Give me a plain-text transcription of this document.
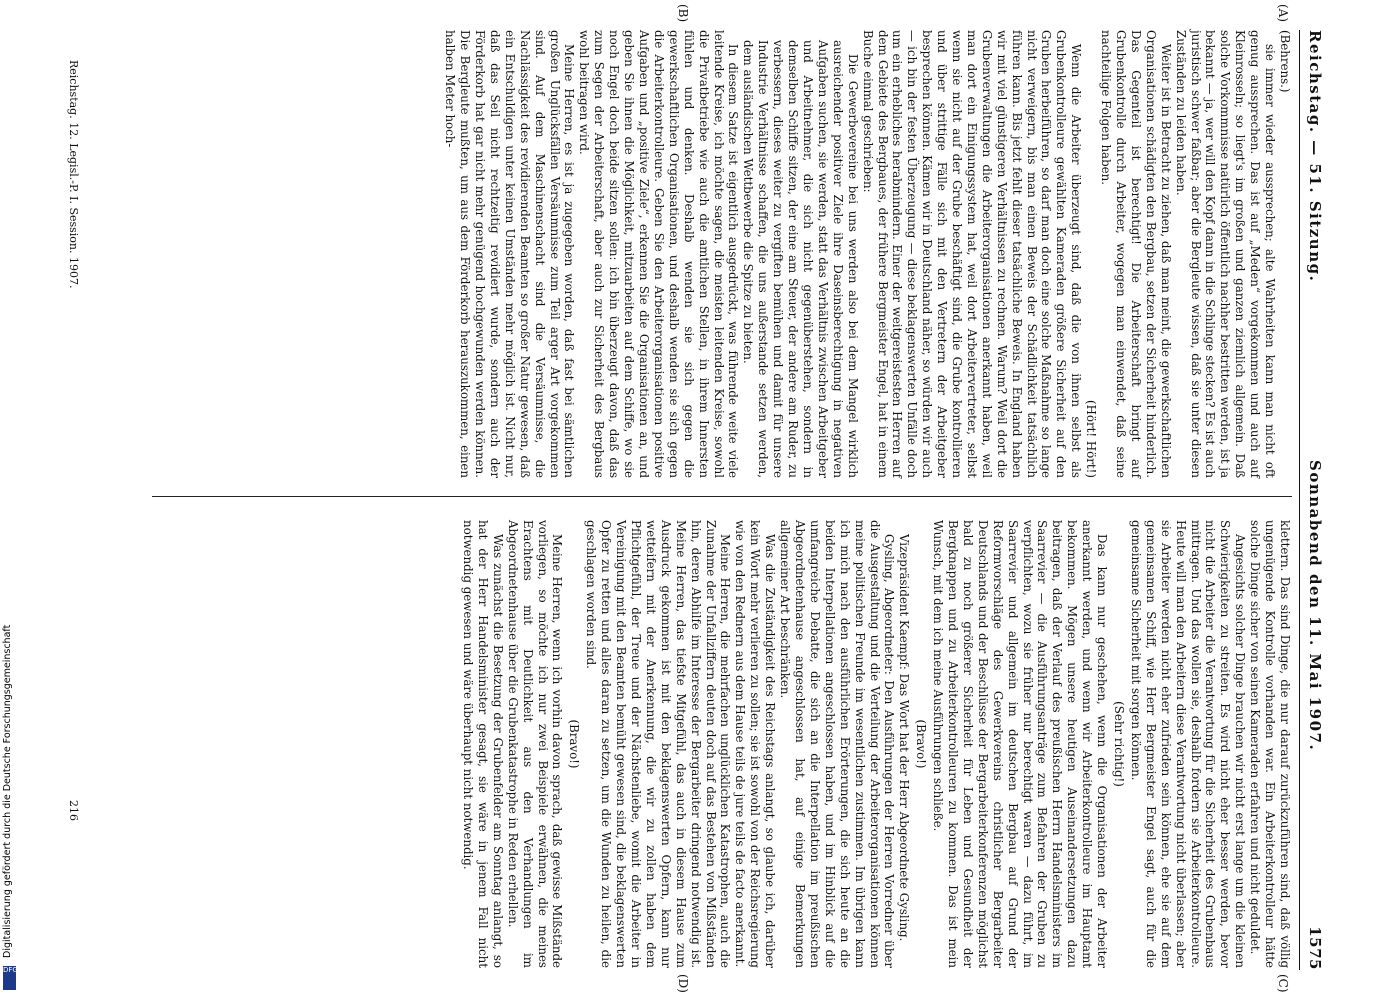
Digitalisierung gefördert durch die Deutsche Forschungsgemeinschaft
DFG
Reichstag. — 51. Sitzung.
Sonnabend den 11. Mai 1907.
1575
(A)
(B)
(C)
(D)

(Behrens.)

sie immer wieder aussprechen; alte Wahrheiten kann man nicht oft genug aussprechen. Das ist auf „Meden“ vorgekommen und auch auf Kleinrosseln; so liegt's im großen und ganzen ziemlich allgemein. Daß solche Vorkommnisse natürlich öffentlich nachher bestritten werden, ist ja bekannt — ja, wer will den Kopf dann in die Schlinge stecken? Es ist auch juristisch schwer faßbar; aber die Bergleute wissen, daß sie unter diesen Zuständen zu leiden haben.

Weiter ist in Betracht zu ziehen, daß man meint, die gewerkschaftlichen Organisationen schädigten den Bergbau, setzen der Sicherheit hinderlich. Das Gegenteil ist berechtigt! Die Arbeiterschaft bringt auf Grubenkontrolle durch Arbeiter, wogegen man einwendet, daß seine nachteilige Folgen haben.

(Hört! Hört!)

Wenn die Arbeiter überzeugt sind, daß die von ihnen selbst als Grubenkontrolleure gewählten Kameraden größere Sicherheit auf den Gruben herbeiführen, so darf man doch eine solche Maßnahme so lange nicht verweigern, bis man einen Beweis der Schädlichkeit tatsächlich führen kann. Bis jetzt fehlt dieser tatsächliche Beweis. In England haben wir mit viel günstigeren Verhältnissen zu rechnen. Warum? Weil dort die Grubenverwaltungen die Arbeiterorganisationen anerkannt haben, weil man dort ein Einigungssystem hat, weil dort Arbeitervertreter, selbst wenn sie nicht auf der Grube beschäftigt sind, die Grube kontrollieren und über strittige Fälle sich mit den Vertretern der Arbeitgeber besprechen können. Kämen wir in Deutschland näher, so würden wir auch — ich bin der festen Überzeugung — diese beklagenswerten Unfälle doch um ein erhebliches herabmindern. Einer der weitgereistesten Herren auf dem Gebiete des Bergbaues, der frühere Bergmeister Engel, hat in einem Buche einmal geschrieben:

Die Gewerbevereine bei uns werden also bei dem Mangel wirklich ausreichender positiver Ziele ihre Daseinsberechtigung in negativen Aufgaben suchen, sie werden, statt das Verhältnis zwischen Arbeitgeber und Arbeitnehmer, die sich nicht gegenüberstehen, sondern in demselben Schiffe sitzen, der eine am Steuer, der andere am Ruder, zu verbessern, dieses weiter zu vergiften bemühen und damit für unsere Industrie Verhältnisse schaffen, die uns außerstande setzen werden, dem ausländischen Wettbewerbe die Spitze zu bieten.

In diesem Satze ist eigentlich ausgedrückt, was führende weite viele leitende Kreise, ich möchte sagen, die meisten leitenden Kreise, sowohl die Privatbetriebe wie auch die amtlichen Stellen, in ihrem Innersten fühlen und denken. Deshalb wenden sie sich gegen die gewerkschaftlichen Organisationen, und deshalb wenden sie sich gegen die Arbeiterkontrolleure. Geben Sie den Arbeiterorganisationen positive Aufgaben und „positive Ziele“, erkennen Sie die Organisationen an, und geben Sie ihnen die Möglichkeit, mitzuarbeiten auf dem Schiffe, wo sie noch Engel doch beide sitzen sollen: ich bin überzeugt davon, daß das zum Segen der Arbeiterschaft, aber auch zur Sicherheit des Bergbaus wohl beitragen wird.

Meine Herren, es ist ja zugegeben worden, daß fast bei sämtlichen großen Unglücksfällen Versäumnisse zum Teil arger Art vorgekommen sind. Auf dem Maschinenschacht sind die Versäumnisse, die Nachlässigkeit des revidierenden Beamten so großer Natur gewesen, daß ein Entschuldigen unter keinen Umständen mehr möglich ist. Nicht nur, daß das Seil nicht rechtzeitig revidiert wurde, sondern auch der Förderkorb hat gar nicht mehr genügend hochgewunden werden können. Die Bergleute mußten, um aus dem Förderkorb herauszukommen, einen halben Meter hoch-

klettern. Das sind Dinge, die nur darauf zurückzuführen sind, daß völlig ungenügende Kontrolle vorhanden war. Ein Arbeiterkontrolleur hätte solche Dinge sicher von seinen Kameraden erfahren und nicht geduldet.

Angesichts solcher Dinge brauchen wir nicht erst lange um die kleinen Schwierigkeiten zu streiten. Es wird nicht eher besser werden, bevor nicht die Arbeiter die Verantwortung für die Sicherheit des Grubenbaus mittragen. Und das wollen sie, deshalb fordern sie Arbeiterkontrolleure. Heute will man den Arbeitern diese Verantwortung nicht überlassen; aber sie Arbeiter werden nicht eher zufrieden sein können, ehe sie auf dem gemeinsamen Schiff, wie Herr Bergmeister Engel sagt, auch für die gemeinsame Sicherheit mit sorgen können.

(Sehr richtig!)

Das kann nur geschehen, wenn die Organisationen der Arbeiter anerkannt werden, und wenn wir Arbeiterkontrolleure im Hauptamt bekommen. Mögen unsere heutigen Auseinandersetzungen dazu beitragen, daß der Verlauf des preußischen Herrn Handelsministers im Saarrevier — die Ausführungsanträge zum Befahren der Gruben zu verpflichten, wozu sie früher nur berechtigt waren — dazu führt, im Saarrevier und allgemein im deutschen Bergbau auf Grund der Reformvorschläge des Gewerkvereins christlicher Bergarbeiter Deutschlands und der Beschlüsse der Bergarbeiterkonferenzen möglichst bald zu noch größerer Sicherheit für Leben und Gesundheit der Bergknappen und zu Arbeiterkontrolleuren zu kommen. Das ist mein Wunsch, mit dem ich meine Ausführungen schließe.

(Bravo!)

Vizepräsident Kaempf: Das Wort hat der Herr Abgeordnete Gysling.

Gysling, Abgeordneter: Den Ausführungen der Herren Vorredner über die Ausgestaltung und die Verteilung der Arbeiterorganisationen können meine politischen Freunde im wesentlichen zustimmen. Im übrigen kann ich mich nach den ausführlichen Erörterungen, die sich heute an die beiden Interpellationen angeschlossen haben, und im Hinblick auf die umfangreiche Debatte, die sich an die Interpellation im preußischen Abgeordnetenhause angeschlossen hat, auf einige Bemerkungen allgemeiner Art beschränken.

Was die Zuständigkeit des Reichstags anlangt, so glaube ich, darüber kein Wort mehr verlieren zu sollen; sie ist sowohl von der Reichsregierung wie von den Rednern aus dem Hause teils de jure teils de facto anerkannt.

Meine Herren, die mehrfachen unglücklichen Katastrophen, auch die Zunahme der Unfallziffern deuten doch auf das Bestehen von Mißständen hin, deren Abhilfe im Interesse der Bergarbeiter dringend notwendig ist. Meine Herren, das tiefste Mitgefühl, das auch in diesem Hause zum Ausdruck gekommen ist mit den beklagenswerten Opfern, kann nur wetteifern mit der Anerkennung, die wir zu zollen haben dem Pflichtgefühl, der Treue und der Nächstenliebe, womit die Arbeiter in Vereinigung mit den Beamten bemüht gewesen sind, die beklagenswerten Opfer zu retten und alles daran zu setzen, um die Wunden zu heilen, die geschlagen worden sind.

(Bravo!)

Meine Herren, wenn ich vorhin davon sprach, daß gewisse Mißstände vorliegen, so möchte ich nur zwei Beispiele erwähnen, die meines Erachtens mit Deutlichkeit aus den Verhandlungen im Abgeordnetenhause über die Grubenkatastrophe in Reden erhellen.

Was zunächst die Besetzung der Grubenfelder am Sonntag anlangt, so hat der Herr Handelsminister gesagt, sie wäre in jenem Fall nicht notwendig gewesen und wäre überhaupt nicht notwendig.

Reichstag. 12. Legisl.-P. I. Session. 1907.
216
